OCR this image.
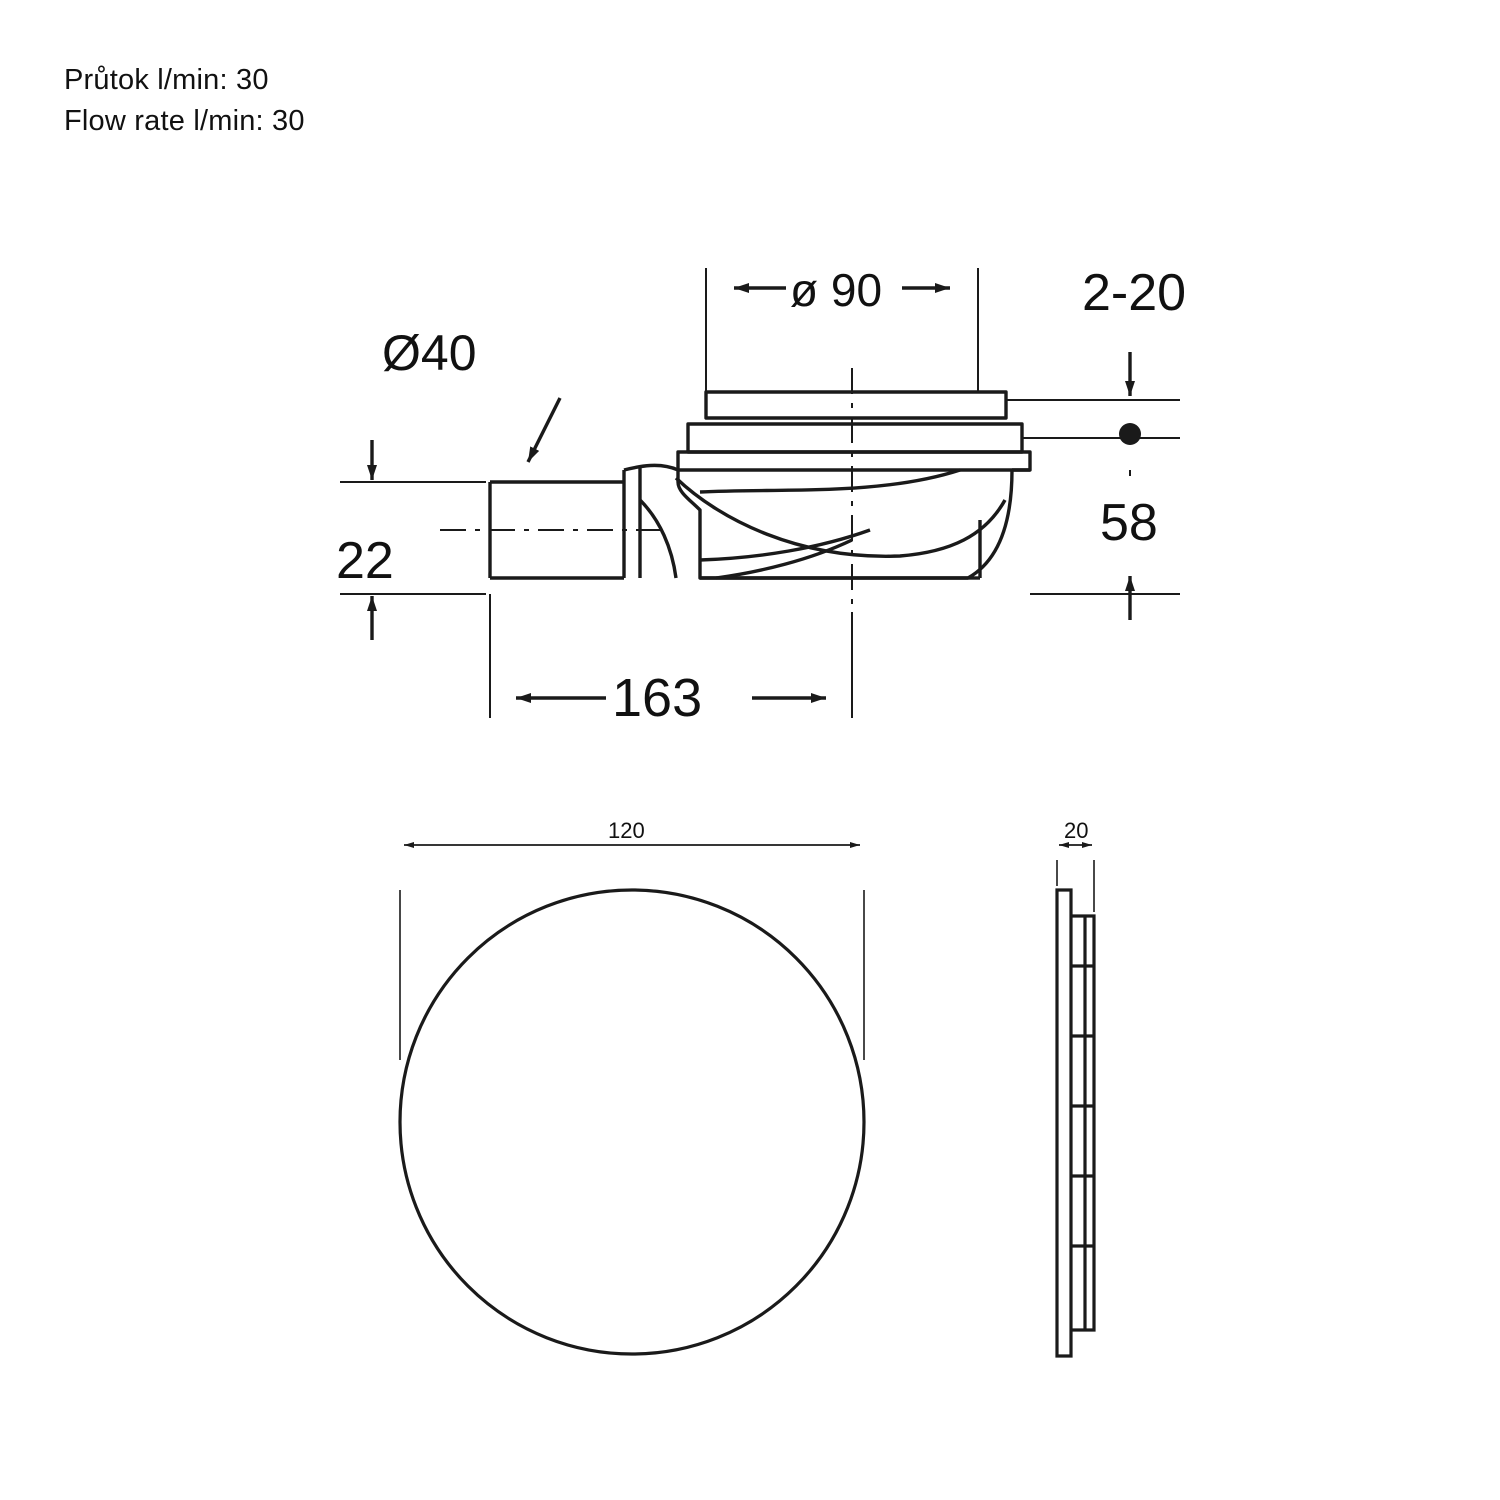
Průtok l/min: 30
Flow rate l/min: 30
Ø40
ø 90	2-20
58
22
163
120	20
